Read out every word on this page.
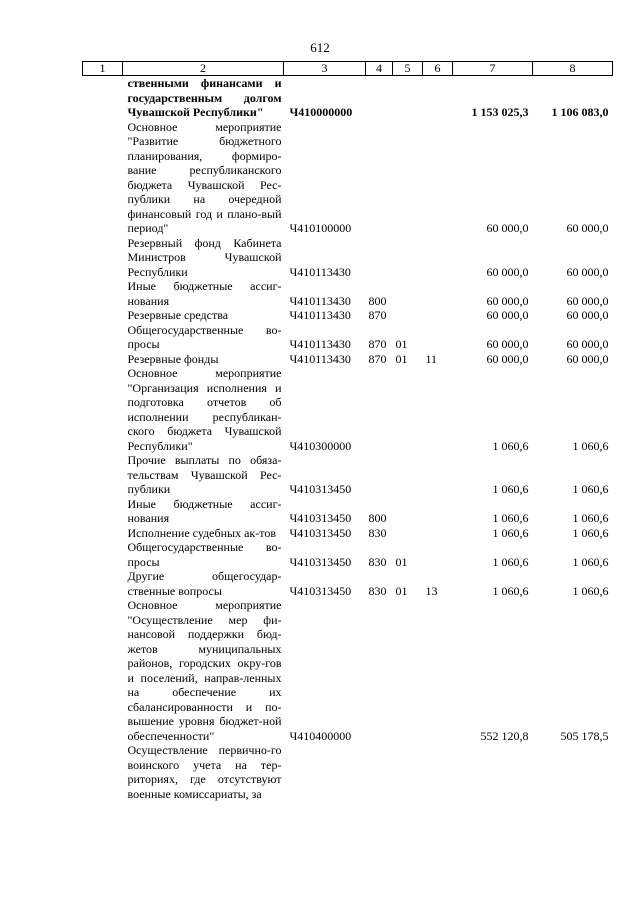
612
1	2	3	4	5	6	7	8
	ственными финансами и государственным долгом Чувашской Республики"	Ч410000000				1 153 025,3	1 106 083,0
	Основное мероприятие "Развитие бюджетного планирования, формиро-вание республиканского бюджета Чувашской Рес-публики на очередной финансовый год и плано-вый период"	Ч410100000				60 000,0	60 000,0
	Резервный фонд Кабинета Министров Чувашской Республики	Ч410113430				60 000,0	60 000,0
	Иные бюджетные ассиг-нования	Ч410113430	800			60 000,0	60 000,0
	Резервные средства	Ч410113430	870			60 000,0	60 000,0
	Общегосударственные во-просы	Ч410113430	870	01		60 000,0	60 000,0
	Резервные фонды	Ч410113430	870	01	11	60 000,0	60 000,0
	Основное мероприятие "Организация исполнения и подготовка отчетов об исполнении республикан-ского бюджета Чувашской Республики"	Ч410300000				1 060,6	1 060,6
	Прочие выплаты по обяза-тельствам Чувашской Рес-публики	Ч410313450				1 060,6	1 060,6
	Иные бюджетные ассиг-нования	Ч410313450	800			1 060,6	1 060,6
	Исполнение судебных ак-тов	Ч410313450	830			1 060,6	1 060,6
	Общегосударственные во-просы	Ч410313450	830	01		1 060,6	1 060,6
	Другие общегосудар-ственные вопросы	Ч410313450	830	01	13	1 060,6	1 060,6
	Основное мероприятие "Осуществление мер фи-нансовой поддержки бюд-жетов муниципальных районов, городских окру-гов и поселений, направ-ленных на обеспечение их сбалансированности и по-вышение уровня бюджет-ной обеспеченности"	Ч410400000				552 120,8	505 178,5
	Осуществление первично-го воинского учета на тер-риториях, где отсутствуют военные комиссариаты, за						
